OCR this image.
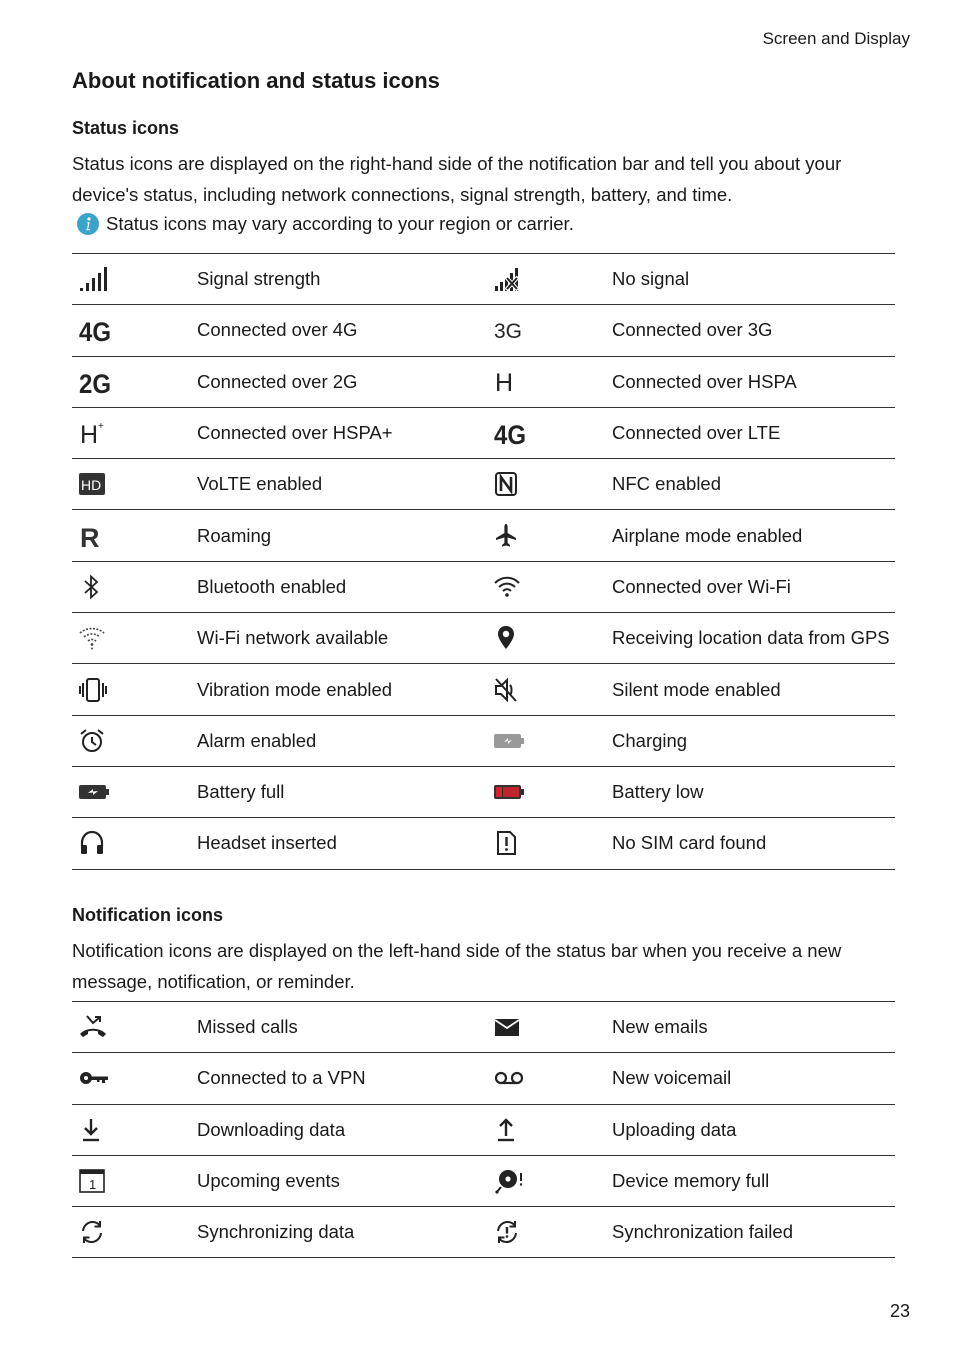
Screen and Display
About notification and status icons
Status icons
Status icons are displayed on the right-hand side of the notification bar and tell you about your device's status, including network connections, signal strength, battery, and time.
Status icons may vary according to your region or carrier.
	Signal strength		No signal

4G	Connected over 4G	3G	Connected over 3G

2G	Connected over 2G	H	Connected over HSPA

H +	Connected over HSPA+	4G	Connected over LTE

HD	VoLTE enabled		NFC enabled

R	Roaming		Airplane mode enabled

	Bluetooth enabled		Connected over Wi-Fi

	Wi-Fi network available		Receiving location data from GPS

	Vibration mode enabled		Silent mode enabled

	Alarm enabled		Charging

	Battery full		Battery low

	Headset inserted		No SIM card found
Notification icons
Notification icons are displayed on the left-hand side of the status bar when you receive a new message, notification, or reminder.
	Missed calls		New emails

	Connected to a VPN		New voicemail

	Downloading data		Uploading data

1	Upcoming events		Device memory full

	Synchronizing data		Synchronization failed
23
